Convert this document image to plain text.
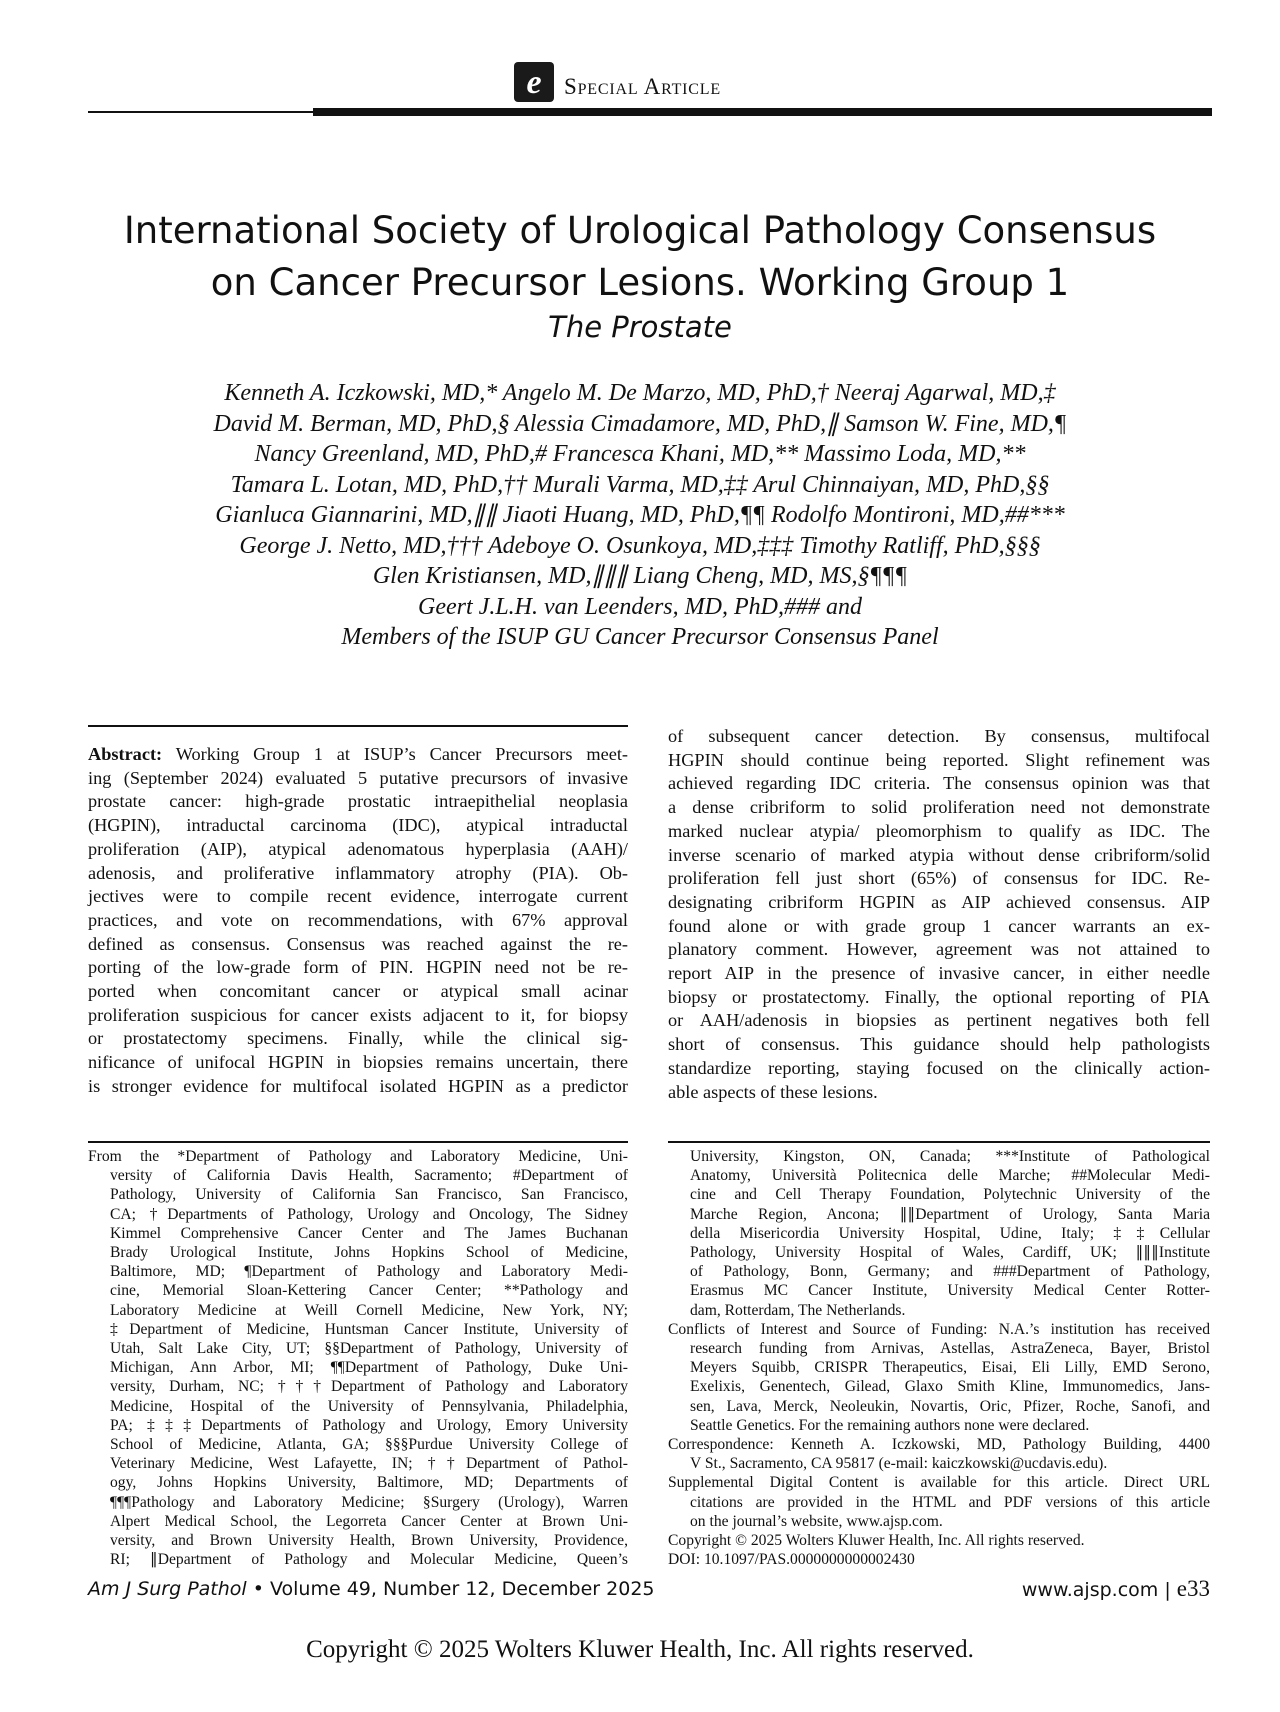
e Special Article
International Society of Urological Pathology Consensus
on Cancer Precursor Lesions. Working Group 1
The Prostate
Kenneth A. Iczkowski, MD,* Angelo M. De Marzo, MD, PhD,† Neeraj Agarwal, MD,‡
David M. Berman, MD, PhD,§ Alessia Cimadamore, MD, PhD,∥ Samson W. Fine, MD,¶
Nancy Greenland, MD, PhD,# Francesca Khani, MD,** Massimo Loda, MD,**
Tamara L. Lotan, MD, PhD,†† Murali Varma, MD,‡‡ Arul Chinnaiyan, MD, PhD,§§
Gianluca Giannarini, MD,∥∥ Jiaoti Huang, MD, PhD,¶¶ Rodolfo Montironi, MD,##***
George J. Netto, MD,††† Adeboye O. Osunkoya, MD,‡‡‡ Timothy Ratliff, PhD,§§§
Glen Kristiansen, MD,∥∥∥ Liang Cheng, MD, MS,§¶¶¶
Geert J.L.H. van Leenders, MD, PhD,### and
Members of the ISUP GU Cancer Precursor Consensus Panel
Abstract: Working Group 1 at ISUP’s Cancer Precursors meet-
ing (September 2024) evaluated 5 putative precursors of invasive
prostate cancer: high-grade prostatic intraepithelial neoplasia
(HGPIN), intraductal carcinoma (IDC), atypical intraductal
proliferation (AIP), atypical adenomatous hyperplasia (AAH)/
adenosis, and proliferative inflammatory atrophy (PIA). Ob-
jectives were to compile recent evidence, interrogate current
practices, and vote on recommendations, with 67% approval
defined as consensus. Consensus was reached against the re-
porting of the low-grade form of PIN. HGPIN need not be re-
ported when concomitant cancer or atypical small acinar
proliferation suspicious for cancer exists adjacent to it, for biopsy
or prostatectomy specimens. Finally, while the clinical sig-
nificance of unifocal HGPIN in biopsies remains uncertain, there
is stronger evidence for multifocal isolated HGPIN as a predictor
of subsequent cancer detection. By consensus, multifocal
HGPIN should continue being reported. Slight refinement was
achieved regarding IDC criteria. The consensus opinion was that
a dense cribriform to solid proliferation need not demonstrate
marked nuclear atypia/ pleomorphism to qualify as IDC. The
inverse scenario of marked atypia without dense cribriform/solid
proliferation fell just short (65%) of consensus for IDC. Re-
designating cribriform HGPIN as AIP achieved consensus. AIP
found alone or with grade group 1 cancer warrants an ex-
planatory comment. However, agreement was not attained to
report AIP in the presence of invasive cancer, in either needle
biopsy or prostatectomy. Finally, the optional reporting of PIA
or AAH/adenosis in biopsies as pertinent negatives both fell
short of consensus. This guidance should help pathologists
standardize reporting, staying focused on the clinically action-
able aspects of these lesions.
From the *Department of Pathology and Laboratory Medicine, Uni-
versity of California Davis Health, Sacramento; #Department of
Pathology, University of California San Francisco, San Francisco,
CA; †Departments of Pathology, Urology and Oncology, The Sidney
Kimmel Comprehensive Cancer Center and The James Buchanan
Brady Urological Institute, Johns Hopkins School of Medicine,
Baltimore, MD; ¶Department of Pathology and Laboratory Medi-
cine, Memorial Sloan-Kettering Cancer Center; **Pathology and
Laboratory Medicine at Weill Cornell Medicine, New York, NY;
‡Department of Medicine, Huntsman Cancer Institute, University of
Utah, Salt Lake City, UT; §§Department of Pathology, University of
Michigan, Ann Arbor, MI; ¶¶Department of Pathology, Duke Uni-
versity, Durham, NC; †††Department of Pathology and Laboratory
Medicine, Hospital of the University of Pennsylvania, Philadelphia,
PA; ‡‡‡Departments of Pathology and Urology, Emory University
School of Medicine, Atlanta, GA; §§§Purdue University College of
Veterinary Medicine, West Lafayette, IN; ††Department of Pathol-
ogy, Johns Hopkins University, Baltimore, MD; Departments of
¶¶¶Pathology and Laboratory Medicine; §Surgery (Urology), Warren
Alpert Medical School, the Legorreta Cancer Center at Brown Uni-
versity, and Brown University Health, Brown University, Providence,
RI; ∥Department of Pathology and Molecular Medicine, Queen’s
University, Kingston, ON, Canada; ***Institute of Pathological
Anatomy, Università Politecnica delle Marche; ##Molecular Medi-
cine and Cell Therapy Foundation, Polytechnic University of the
Marche Region, Ancona; ∥∥Department of Urology, Santa Maria
della Misericordia University Hospital, Udine, Italy; ‡‡Cellular
Pathology, University Hospital of Wales, Cardiff, UK; ∥∥∥Institute
of Pathology, Bonn, Germany; and ###Department of Pathology,
Erasmus MC Cancer Institute, University Medical Center Rotter-
dam, Rotterdam, The Netherlands.
Conflicts of Interest and Source of Funding: N.A.’s institution has received
research funding from Arnivas, Astellas, AstraZeneca, Bayer, Bristol
Meyers Squibb, CRISPR Therapeutics, Eisai, Eli Lilly, EMD Serono,
Exelixis, Genentech, Gilead, Glaxo Smith Kline, Immunomedics, Jans-
sen, Lava, Merck, Neoleukin, Novartis, Oric, Pfizer, Roche, Sanofi, and
Seattle Genetics. For the remaining authors none were declared.
Correspondence: Kenneth A. Iczkowski, MD, Pathology Building, 4400
V St., Sacramento, CA 95817 (e-mail: kaiczkowski@ucdavis.edu).
Supplemental Digital Content is available for this article. Direct URL
citations are provided in the HTML and PDF versions of this article
on the journal’s website, www.ajsp.com.
Copyright © 2025 Wolters Kluwer Health, Inc. All rights reserved.
DOI: 10.1097/PAS.0000000000002430
Am J Surg Pathol • Volume 49, Number 12, December 2025	www.ajsp.com | e33
Copyright © 2025 Wolters Kluwer Health, Inc. All rights reserved.
